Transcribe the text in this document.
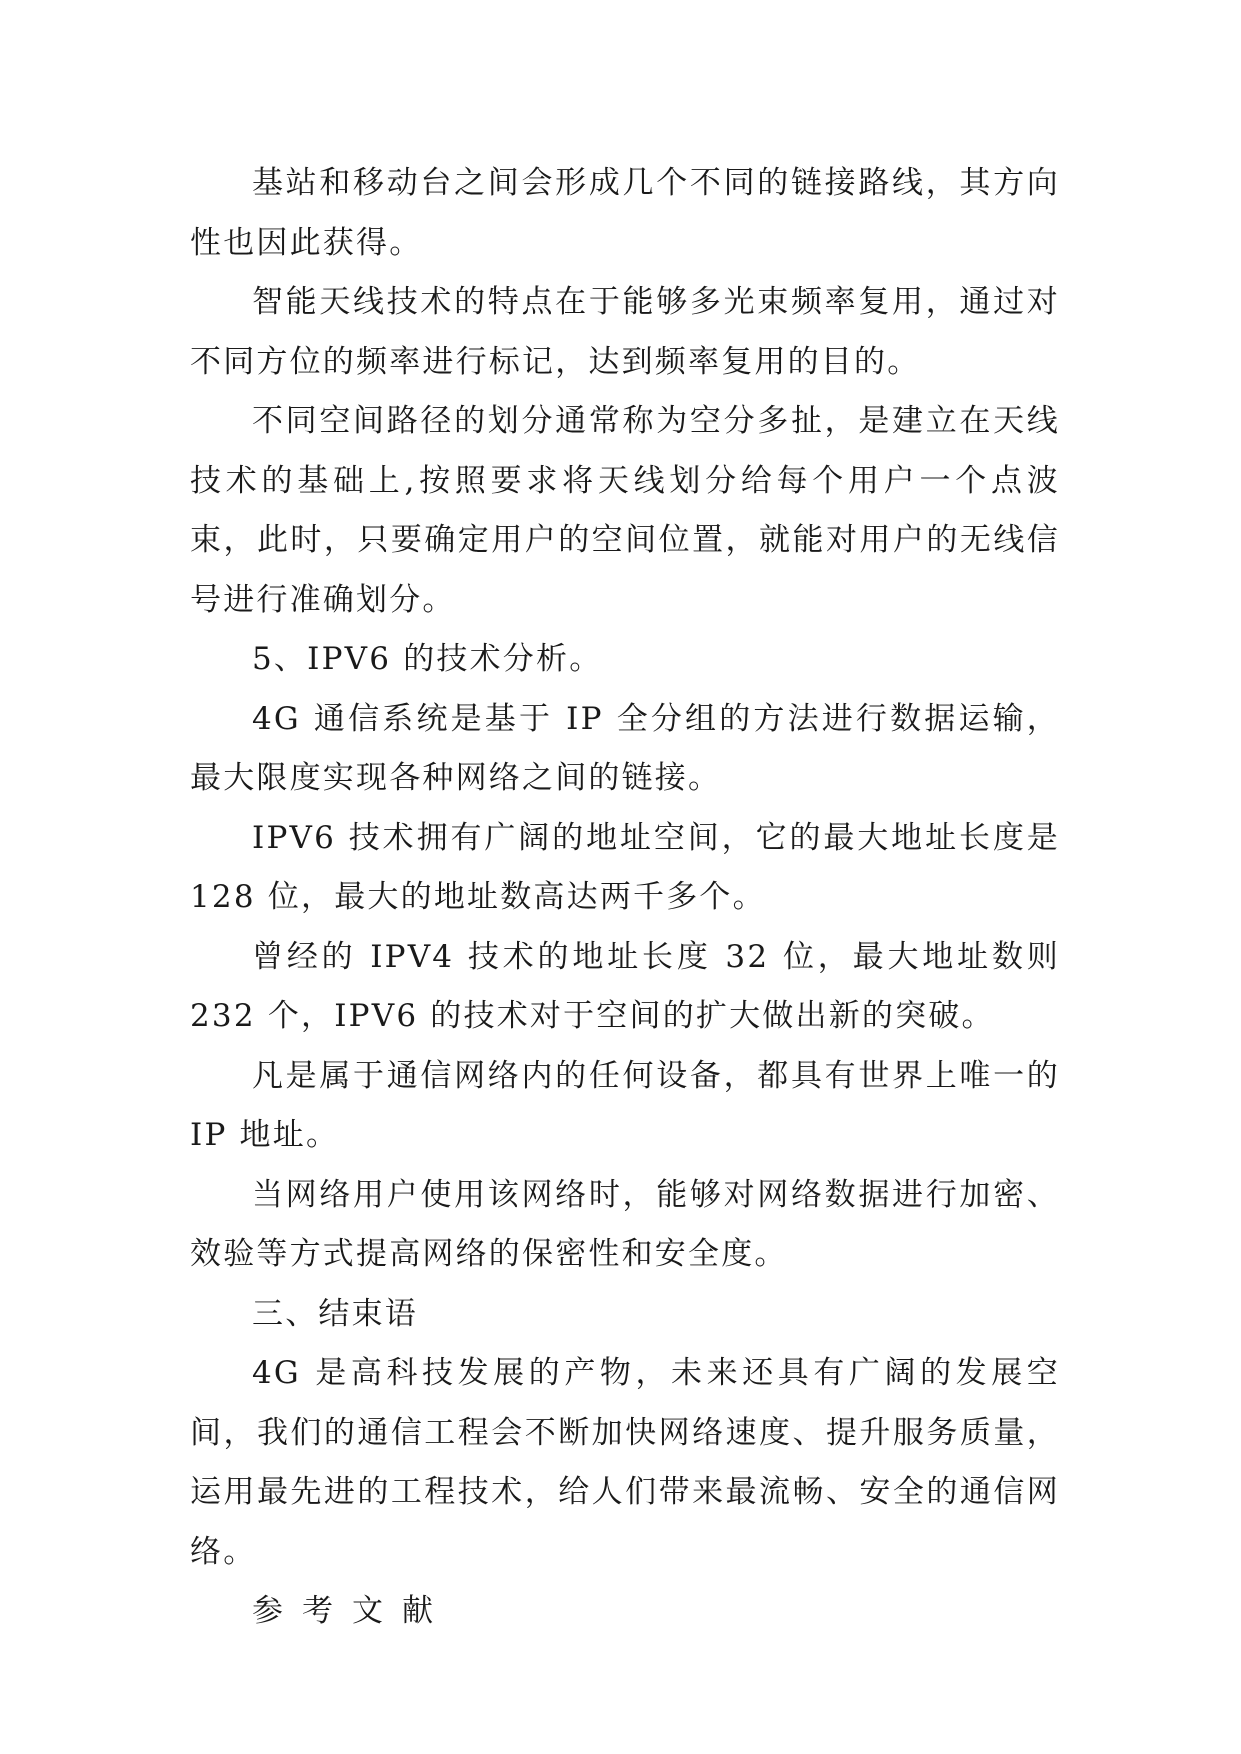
基站和移动台之间会形成几个不同的链接路线，其方向性也因此获得。

智能天线技术的特点在于能够多光束频率复用，通过对不同方位的频率进行标记，达到频率复用的目的。

不同空间路径的划分通常称为空分多扯，是建立在天线技术的基础上,按照要求将天线划分给每个用户一个点波束，此时，只要确定用户的空间位置，就能对用户的无线信号进行准确划分。

5、IPV6 的技术分析。

4G 通信系统是基于 IP 全分组的方法进行数据运输，最大限度实现各种网络之间的链接。

IPV6 技术拥有广阔的地址空间，它的最大地址长度是128 位，最大的地址数高达两千多个。

曾经的 IPV4 技术的地址长度 32 位，最大地址数则 232 个，IPV6 的技术对于空间的扩大做出新的突破。

凡是属于通信网络内的任何设备，都具有世界上唯一的IP 地址。

当网络用户使用该网络时，能够对网络数据进行加密、效验等方式提高网络的保密性和安全度。

三、结束语

4G 是高科技发展的产物，未来还具有广阔的发展空间，我们的通信工程会不断加快网络速度、提升服务质量，运用最先进的工程技术，给人们带来最流畅、安全的通信网络。

参考文献
